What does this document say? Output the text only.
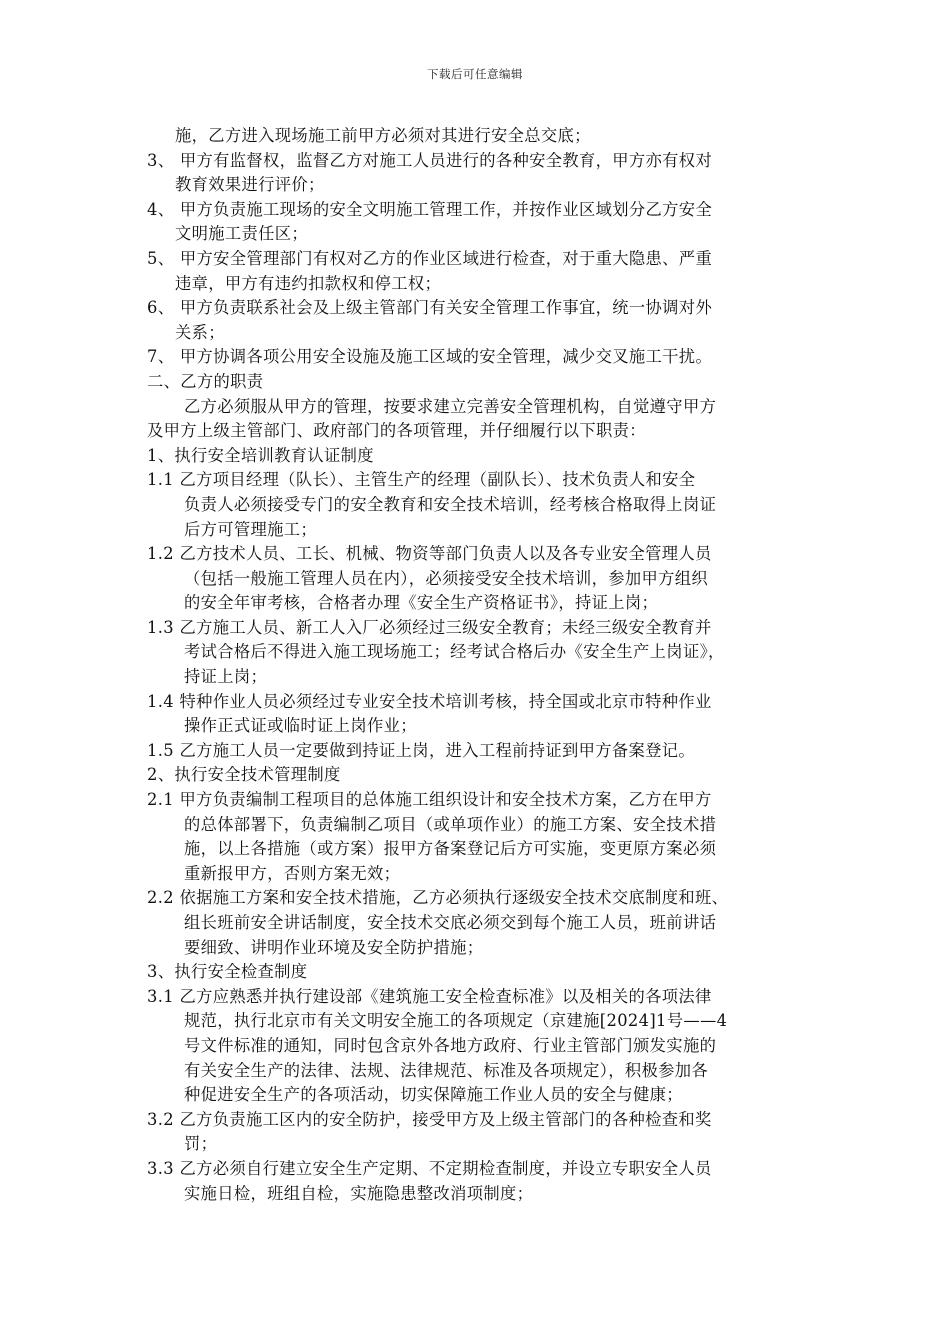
下载后可任意编辑
施，乙方进入现场施工前甲方必须对其进行安全总交底；
3、 甲方有监督权，监督乙方对施工人员进行的各种安全教育，甲方亦有权对
教育效果进行评价；
4、 甲方负责施工现场的安全文明施工管理工作，并按作业区域划分乙方安全
文明施工责任区；
5、 甲方安全管理部门有权对乙方的作业区域进行检查，对于重大隐患、严重
违章，甲方有违约扣款权和停工权；
6、 甲方负责联系社会及上级主管部门有关安全管理工作事宜，统一协调对外
关系；
7、 甲方协调各项公用安全设施及施工区域的安全管理，减少交叉施工干扰。
二、乙方的职责
乙方必须服从甲方的管理，按要求建立完善安全管理机构，自觉遵守甲方
及甲方上级主管部门、政府部门的各项管理，并仔细履行以下职责：
1、执行安全培训教育认证制度
1.1 乙方项目经理（队长）、主管生产的经理（副队长）、技术负责人和安全
负责人必须接受专门的安全教育和安全技术培训，经考核合格取得上岗证
后方可管理施工；
1.2 乙方技术人员、工长、机械、物资等部门负责人以及各专业安全管理人员
（包括一般施工管理人员在内），必须接受安全技术培训，参加甲方组织
的安全年审考核，合格者办理《安全生产资格证书》，持证上岗；
1.3 乙方施工人员、新工人入厂必须经过三级安全教育；未经三级安全教育并
考试合格后不得进入施工现场施工；经考试合格后办《安全生产上岗证》，
持证上岗；
1.4 特种作业人员必须经过专业安全技术培训考核，持全国或北京市特种作业
操作正式证或临时证上岗作业；
1.5 乙方施工人员一定要做到持证上岗，进入工程前持证到甲方备案登记。
2、执行安全技术管理制度
2.1 甲方负责编制工程项目的总体施工组织设计和安全技术方案，乙方在甲方
的总体部署下，负责编制乙项目（或单项作业）的施工方案、安全技术措
施，以上各措施（或方案）报甲方备案登记后方可实施，变更原方案必须
重新报甲方，否则方案无效；
2.2 依据施工方案和安全技术措施，乙方必须执行逐级安全技术交底制度和班、
组长班前安全讲话制度，安全技术交底必须交到每个施工人员，班前讲话
要细致、讲明作业环境及安全防护措施；
3、执行安全检查制度
3.1 乙方应熟悉并执行建设部《建筑施工安全检查标准》以及相关的各项法律
规范，执行北京市有关文明安全施工的各项规定（京建施[2024]1号——4
号文件标准的通知，同时包含京外各地方政府、行业主管部门颁发实施的
有关安全生产的法律、法规、法律规范、标准及各项规定），积极参加各
种促进安全生产的各项活动，切实保障施工作业人员的安全与健康；
3.2 乙方负责施工区内的安全防护，接受甲方及上级主管部门的各种检查和奖
罚；
3.3 乙方必须自行建立安全生产定期、不定期检查制度，并设立专职安全人员
实施日检，班组自检，实施隐患整改消项制度；
